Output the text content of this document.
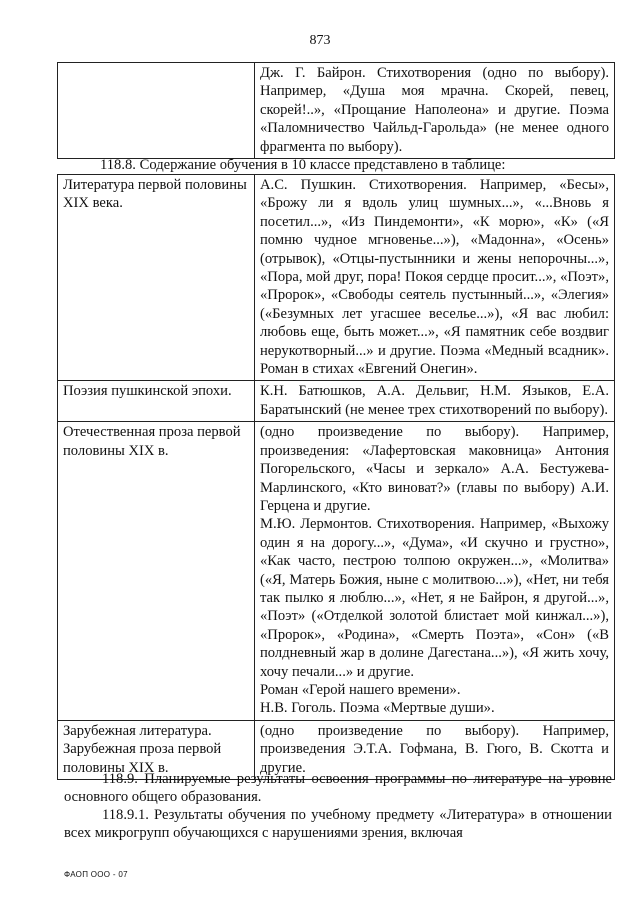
873
	Дж. Г. Байрон. Стихотворения (одно по выбору). Например, «Душа моя мрачна. Скорей, певец, скорей!..», «Прощание Наполеона» и другие. Поэма «Паломничество Чайльд-Гарольда» (не менее одного фрагмента по выбору).
118.8. Содержание обучения в 10 классе представлено в таблице:
Литература первой половины XIX века.	А.С. Пушкин. Стихотворения. Например, «Бесы», «Брожу ли я вдоль улиц шумных...», «...Вновь я посетил...», «Из Пиндемонти», «К морю», «К» («Я помню чудное мгновенье...»), «Мадонна», «Осень» (отрывок), «Отцы-пустынники и жены непорочны...», «Пора, мой друг, пора! Покоя сердце просит...», «Поэт», «Пророк», «Свободы сеятель пустынный...», «Элегия» («Безумных лет угасшее веселье...»), «Я вас любил: любовь еще, быть может...», «Я памятник себе воздвиг нерукотворный...» и другие. Поэма «Медный всадник». Роман в стихах «Евгений Онегин».
Поэзия пушкинской эпохи.	К.Н. Батюшков, А.А. Дельвиг, Н.М. Языков, Е.А. Баратынский (не менее трех стихотворений по выбору).
Отечественная проза первой половины XIX в.	(одно произведение по выбору). Например, произведения: «Лафертовская маковница» Антония Погорельского, «Часы и зеркало» А.А. Бестужева-Марлинского, «Кто виноват?» (главы по выбору) А.И. Герцена и другие.
М.Ю. Лермонтов. Стихотворения. Например, «Выхожу один я на дорогу...», «Дума», «И скучно и грустно», «Как часто, пестрою толпою окружен...», «Молитва» («Я, Матерь Божия, ныне с молитвою...»), «Нет, ни тебя так пылко я люблю...», «Нет, я не Байрон, я другой...», «Поэт» («Отделкой золотой блистает мой кинжал...»), «Пророк», «Родина», «Смерть Поэта», «Сон» («В полдневный жар в долине Дагестана...»), «Я жить хочу, хочу печали...» и другие.
Роман «Герой нашего времени».
Н.В. Гоголь. Поэма «Мертвые души».

Зарубежная литература.
Зарубежная проза первой половины XIX в.	(одно произведение по выбору). Например, произведения Э.Т.А. Гофмана, В. Гюго, В. Скотта и другие.
118.9. Планируемые результаты освоения программы по литературе на уровне основного общего образования.
118.9.1. Результаты обучения по учебному предмету «Литература» в отношении всех микрогрупп обучающихся с нарушениями зрения, включая
ФАОП ООО - 07
